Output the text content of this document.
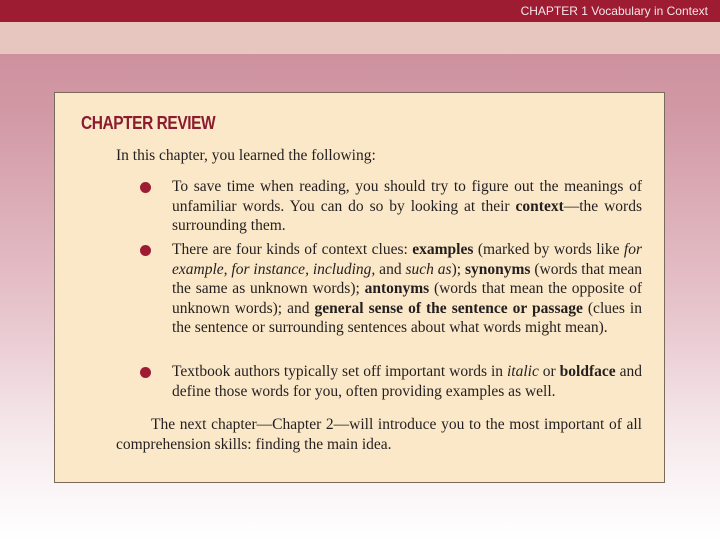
CHAPTER 1 Vocabulary in Context
CHAPTER REVIEW
In this chapter, you learned the following:
To save time when reading, you should try to figure out the meanings of unfamiliar words. You can do so by looking at their context—the words surrounding them.
There are four kinds of context clues: examples (marked by words like for example, for instance, including, and such as); synonyms (words that mean the same as unknown words); antonyms (words that mean the opposite of unknown words); and general sense of the sentence or passage (clues in the sentence or surrounding sentences about what words might mean).
Textbook authors typically set off important words in italic or boldface and define those words for you, often providing examples as well.
The next chapter—Chapter 2—will introduce you to the most important of all comprehension skills: finding the main idea.
